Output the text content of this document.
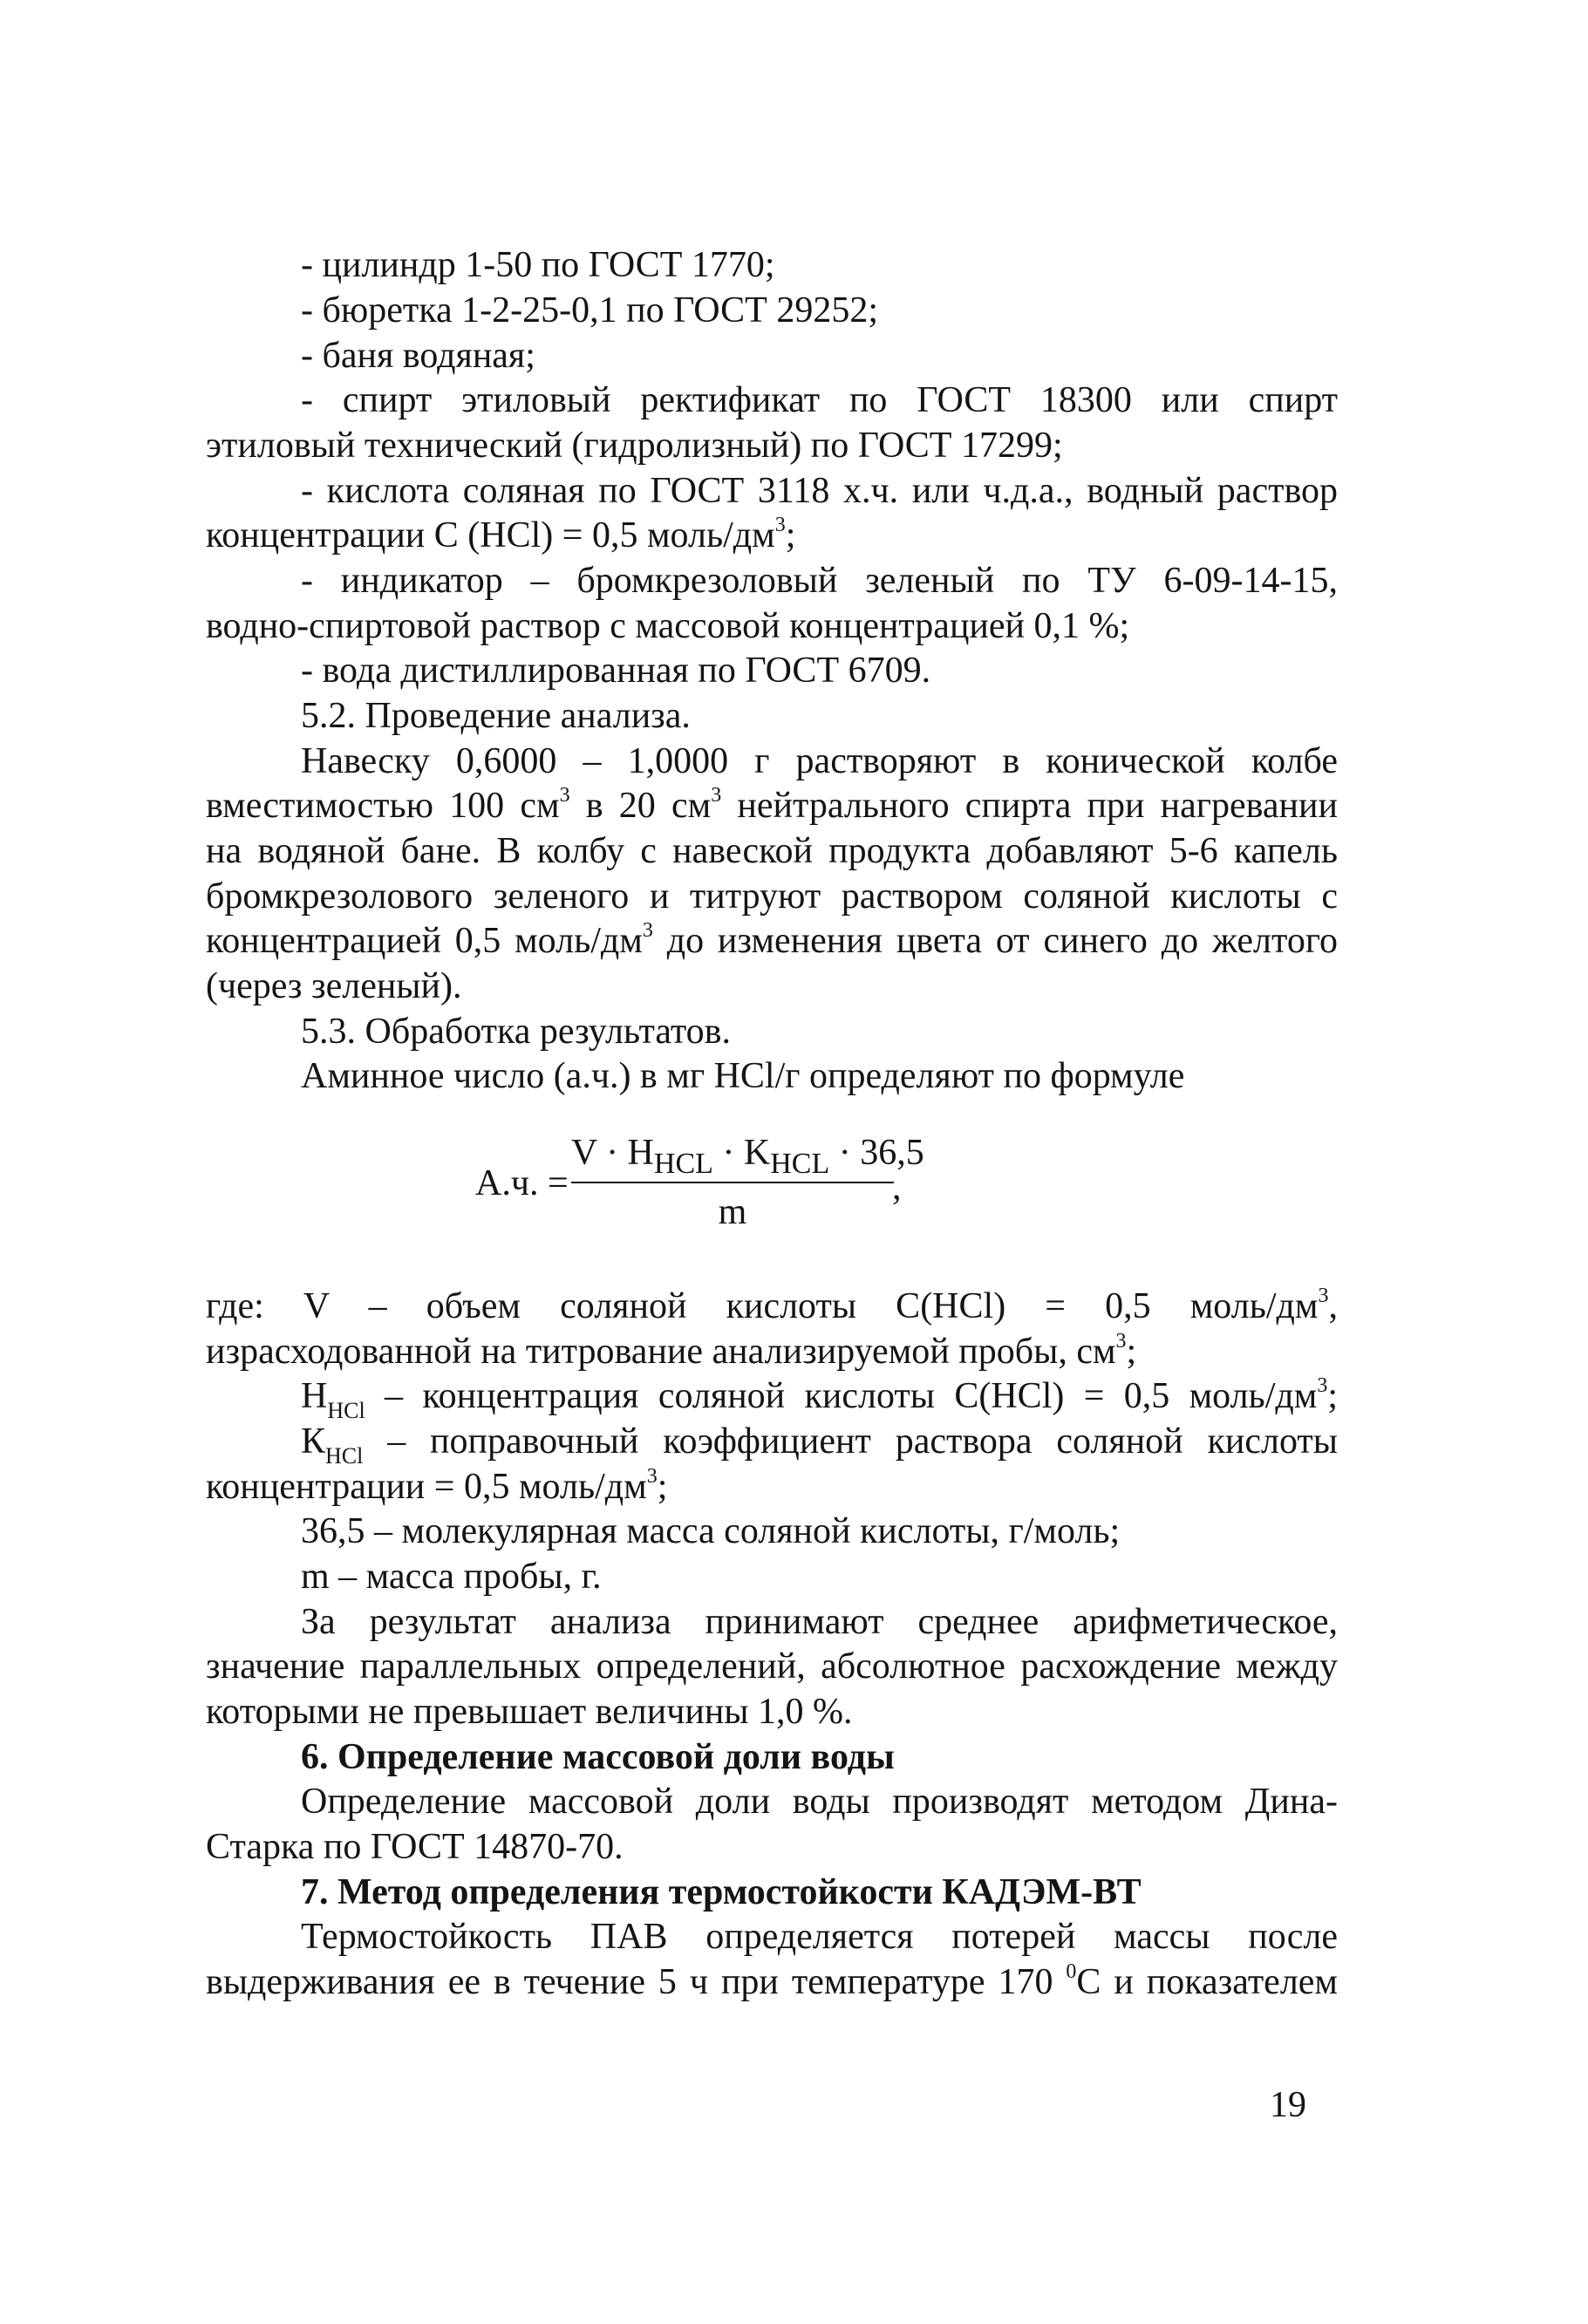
- цилиндр 1-50 по ГОСТ 1770;
- бюретка 1-2-25-0,1 по ГОСТ 29252;
- баня водяная;
- спирт этиловый ректификат по ГОСТ 18300 или спирт
этиловый технический (гидролизный) по ГОСТ 17299;
- кислота соляная по ГОСТ 3118 х.ч. или ч.д.а., водный раствор
концентрации С (HCl) = 0,5 моль/$дм^3$;
- индикатор – бромкрезоловый зеленый по ТУ 6-09-14-15,
водно-спиртовой раствор с массовой концентрацией 0,1 %;
- вода дистиллированная по ГОСТ 6709.
5.2. Проведение анализа.
Навеску 0,6000 – 1,0000 г растворяют в конической колбе
вместимостью 100 $см^3$ в 20 $см^3$ нейтрального спирта при нагревании
на водяной бане. В колбу с навеской продукта добавляют 5-6 капель
бромкрезолового зеленого и титруют раствором соляной кислоты с
концентрацией 0,5 моль/$дм^3$ до изменения цвета от синего до желтого
(через зеленый).
5.3. Обработка результатов.
Аминное число (а.ч.) в мг HCl/г определяют по формуле
А.ч. =
$V \cdot H_{HCL} \cdot K_{HCL} \cdot 36,5$
m
,
где: V – объем соляной кислоты С(HCl) = 0,5 моль/$дм^3$,
израсходованной на титрование анализируемой пробы, $см^3$;
$Н_{HCl}$ – концентрация соляной кислоты С(HCl) = 0,5 моль/$дм^3$;
$К_{HCl}$ – поправочный коэффициент раствора соляной кислоты
концентрации = 0,5 моль/$дм^3$;
36,5 – молекулярная масса соляной кислоты, г/моль;
m – масса пробы, г.
За результат анализа принимают среднее арифметическое,
значение параллельных определений, абсолютное расхождение между
которыми не превышает величины 1,0 %.
6. Определение массовой доли воды
Определение массовой доли воды производят методом Дина-
Старка по ГОСТ 14870-70.
7. Метод определения термостойкости КАДЭМ-ВТ
Термостойкость ПАВ определяется потерей массы после
выдерживания ее в течение 5 ч при температуре 170 $^0$С и показателем
19
